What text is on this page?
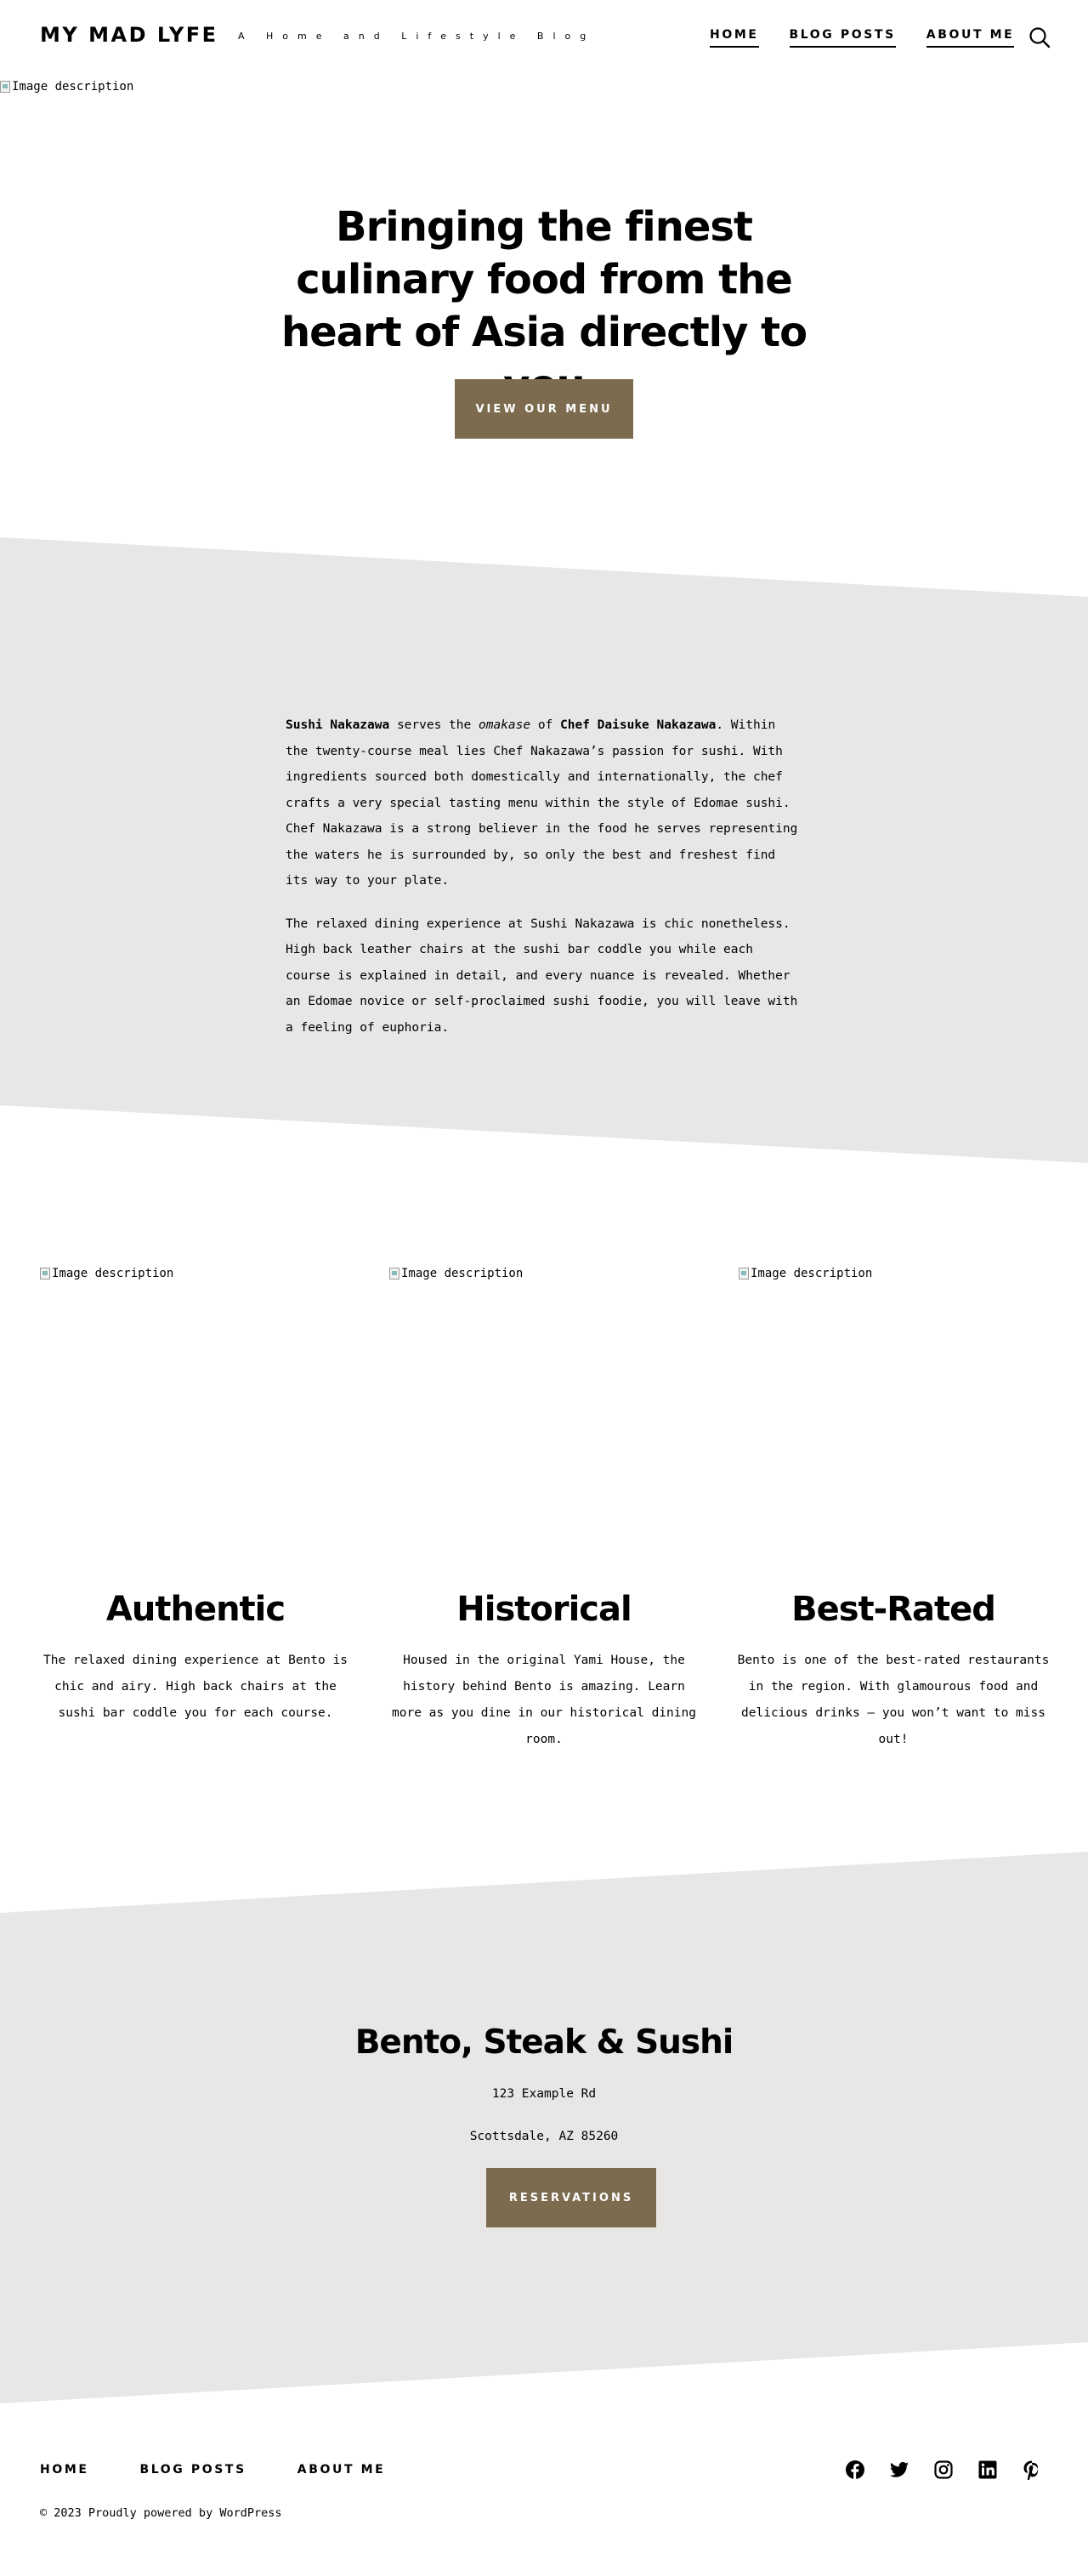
MY MAD LYFE A Home and Lifestyle Blog	HOME	BLOG POSTS	ABOUT ME
Image description
Bringing the finest culinary food from the heart of Asia directly to
VIEW OUR MENU

Sushi Nakazawa serves the omakase of Chef Daisuke Nakazawa. Within the twenty-course meal lies Chef Nakazawa’s passion for sushi. With ingredients sourced both domestically and internationally, the chef crafts a very special tasting menu within the style of Edomae sushi. Chef Nakazawa is a strong believer in the food he serves representing the waters he is surrounded by, so only the best and freshest find its way to your plate.

The relaxed dining experience at Sushi Nakazawa is chic nonetheless. High back leather chairs at the sushi bar coddle you while each course is explained in detail, and every nuance is revealed. Whether an Edomae novice or self-proclaimed sushi foodie, you will leave with a feeling of euphoria.

Image description	Image description	Image description
Authentic

The relaxed dining experience at Bento is chic and airy. High back chairs at the sushi bar coddle you for each course.

Historical

Housed in the original Yami House, the history behind Bento is amazing. Learn more as you dine in our historical dining room.

Best-Rated

Bento is one of the best-rated restaurants in the region. With glamourous food and delicious drinks – you won’t want to miss out!

Bento, Steak & Sushi
123 Example Rd
Scottsdale, AZ 85260
RESERVATIONS
HOME	BLOG POSTS	ABOUT ME
© 2023 Proudly powered by WordPress
